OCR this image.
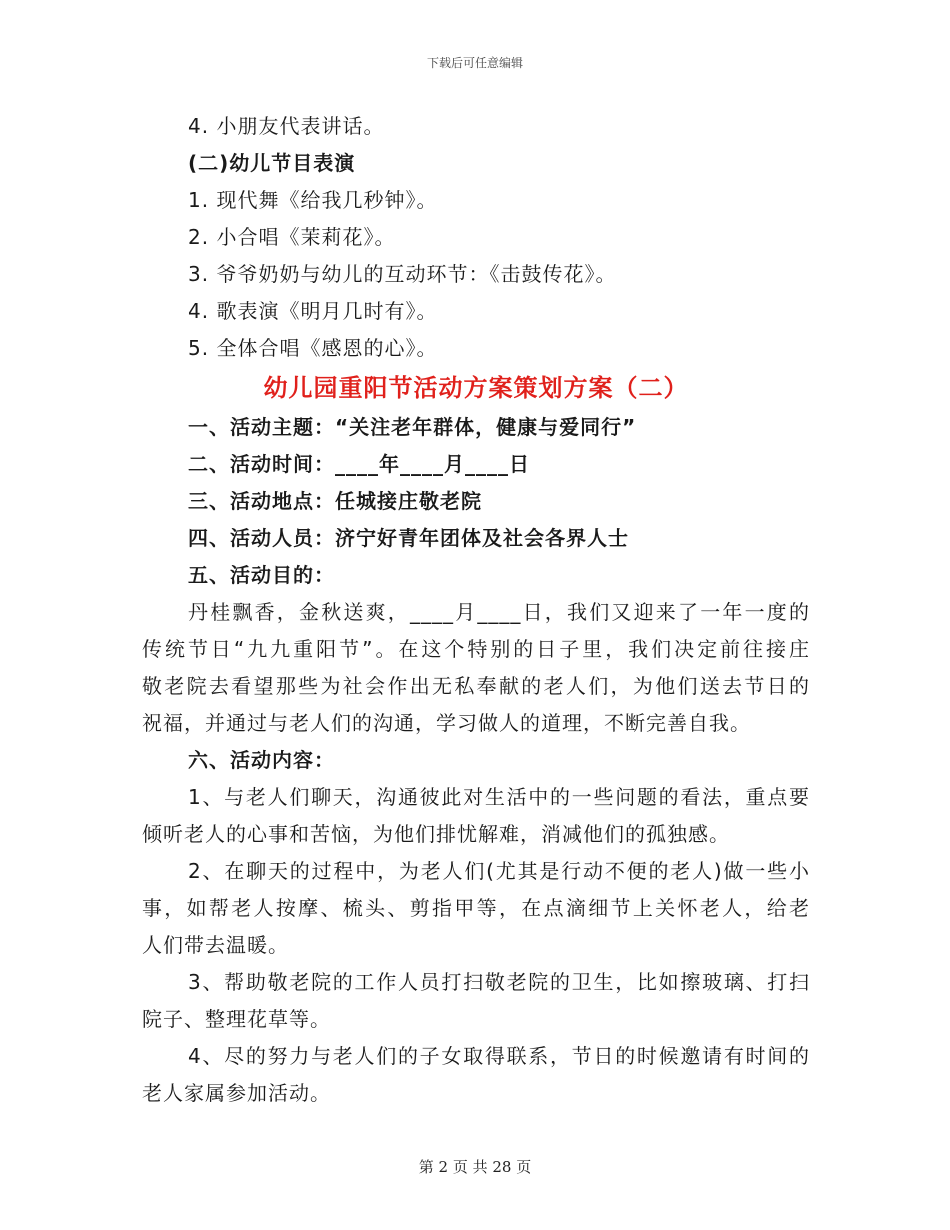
下载后可任意编辑
4. 小朋友代表讲话。
(二)幼儿节目表演
1. 现代舞《给我几秒钟》。
2. 小合唱《茉莉花》。
3. 爷爷奶奶与幼儿的互动环节：《击鼓传花》。
4. 歌表演《明月几时有》。
5. 全体合唱《感恩的心》。
幼儿园重阳节活动方案策划方案（二）
一、活动主题：“关注老年群体，健康与爱同行”
二、活动时间：____年____月____日
三、活动地点：任城接庄敬老院
四、活动人员：济宁好青年团体及社会各界人士
五、活动目的：
丹桂飘香，金秋送爽，____月____日，我们又迎来了一年一度的
传统节日“九九重阳节”。在这个特别的日子里，我们决定前往接庄
敬老院去看望那些为社会作出无私奉献的老人们，为他们送去节日的
祝福，并通过与老人们的沟通，学习做人的道理，不断完善自我。
六、活动内容：
1、与老人们聊天，沟通彼此对生活中的一些问题的看法，重点要
倾听老人的心事和苦恼，为他们排忧解难，消减他们的孤独感。
2、在聊天的过程中，为老人们(尤其是行动不便的老人)做一些小
事，如帮老人按摩、梳头、剪指甲等，在点滴细节上关怀老人，给老
人们带去温暖。
3、帮助敬老院的工作人员打扫敬老院的卫生，比如擦玻璃、打扫
院子、整理花草等。
4、尽的努力与老人们的子女取得联系，节日的时候邀请有时间的
老人家属参加活动。
第 2 页 共 28 页
